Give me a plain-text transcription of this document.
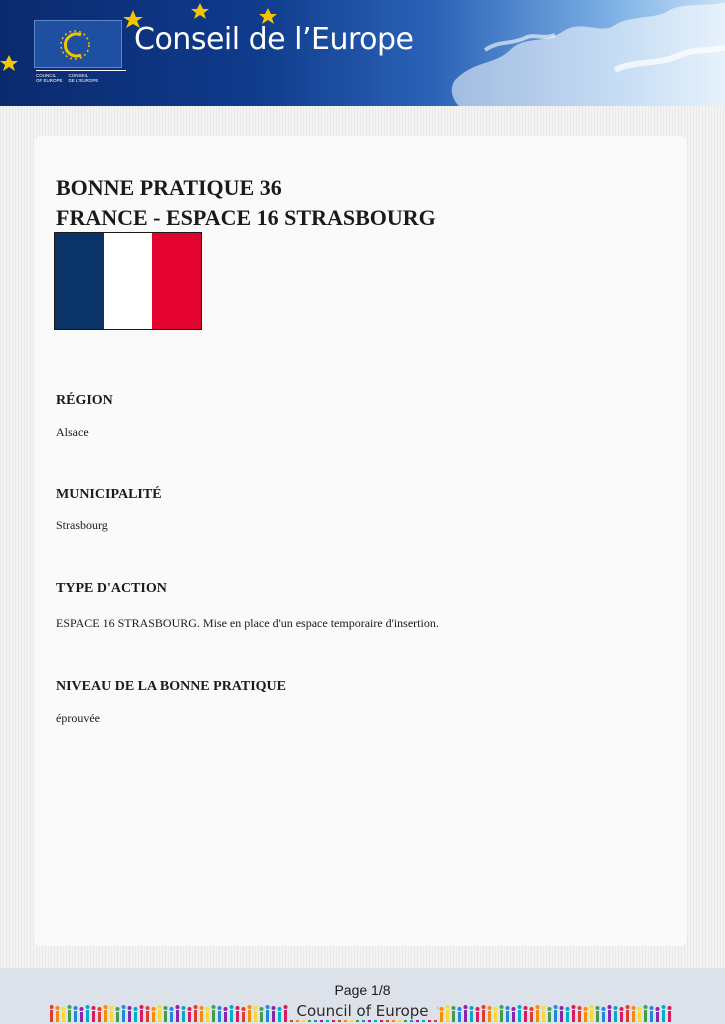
COUNCIL
OF EUROPE
CONSEIL
DE L'EUROPE
Conseil de l’Europe
BONNE PRATIQUE 36
FRANCE - ESPACE 16 STRASBOURG
RÉGION
Alsace
MUNICIPALITÉ
Strasbourg
TYPE D'ACTION
ESPACE 16 STRASBOURG. Mise en place d'un espace temporaire d'insertion.
NIVEAU DE LA BONNE PRATIQUE
éprouvée
Page 1/8
Council of Europe
